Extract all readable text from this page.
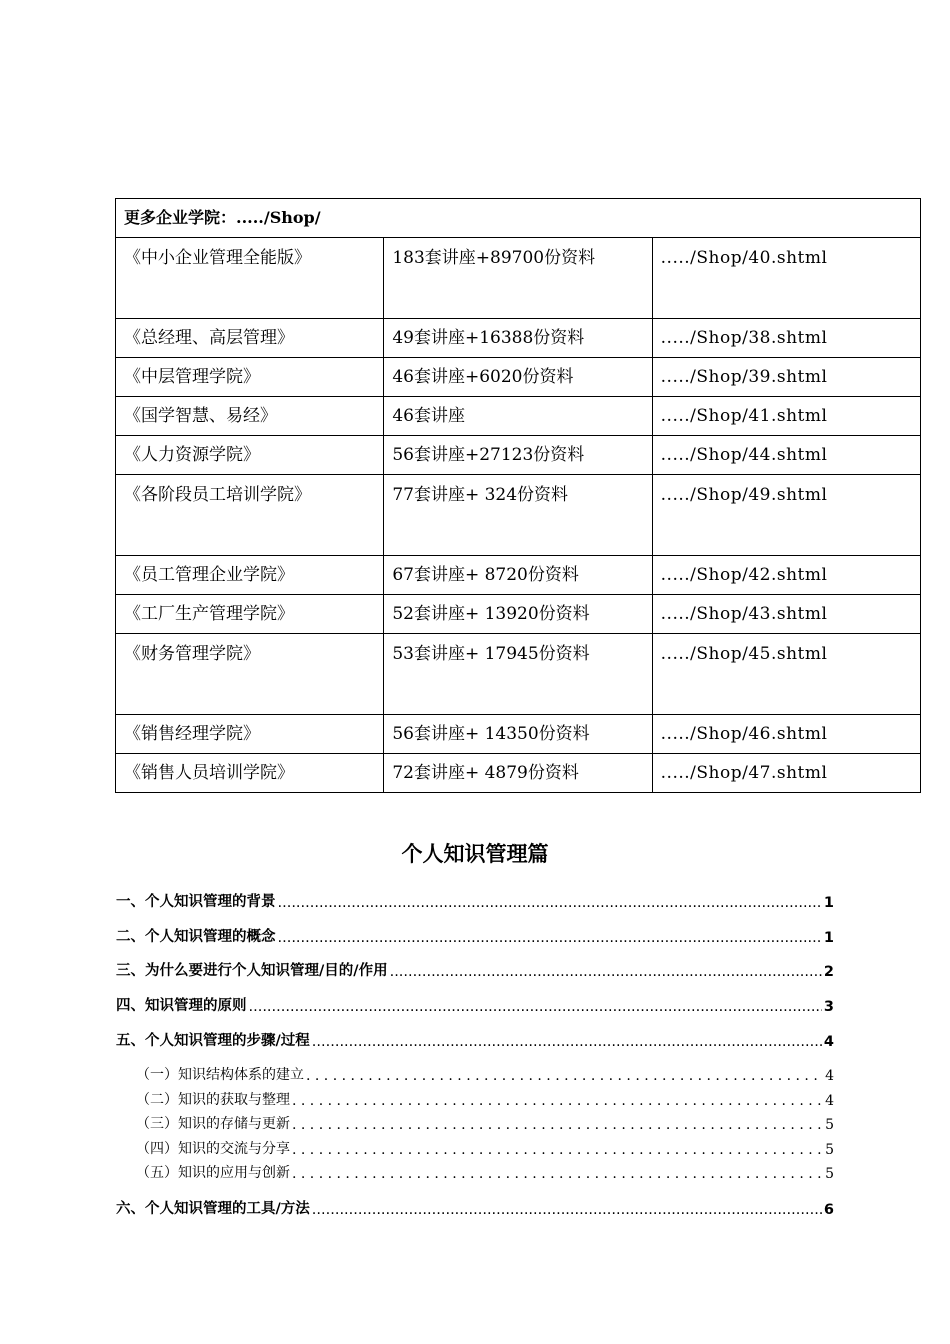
更多企业学院：...../Shop/		
《中小企业管理全能版》	183套讲座+89700份资料	...../Shop/40.shtml
《总经理、高层管理》	49套讲座+16388份资料	...../Shop/38.shtml
《中层管理学院》	46套讲座+6020份资料	...../Shop/39.shtml
《国学智慧、易经》	46套讲座	...../Shop/41.shtml
《人力资源学院》	56套讲座+27123份资料	...../Shop/44.shtml
《各阶段员工培训学院》	77套讲座+ 324份资料	...../Shop/49.shtml
《员工管理企业学院》	67套讲座+ 8720份资料	...../Shop/42.shtml
《工厂生产管理学院》	52套讲座+ 13920份资料	...../Shop/43.shtml
《财务管理学院》	53套讲座+ 17945份资料	...../Shop/45.shtml
《销售经理学院》	56套讲座+ 14350份资料	...../Shop/46.shtml
《销售人员培训学院》	72套讲座+ 4879份资料	...../Shop/47.shtml
个人知识管理篇
一、个人知识管理的背景 .....	1
二、个人知识管理的概念 .....	1
三、为什么要进行个人知识管理/目的/作用 .....	2
四、知识管理的原则 .....	3
五、个人知识管理的步骤/过程 .....	4
（一）知识结构体系的建立 . . .	4
（二）知识的获取与整理 . . .	4
（三）知识的存储与更新 . . .	5
（四）知识的交流与分享 . . .	5
（五）知识的应用与创新 . . .	5
六、个人知识管理的工具/方法 .....	6
